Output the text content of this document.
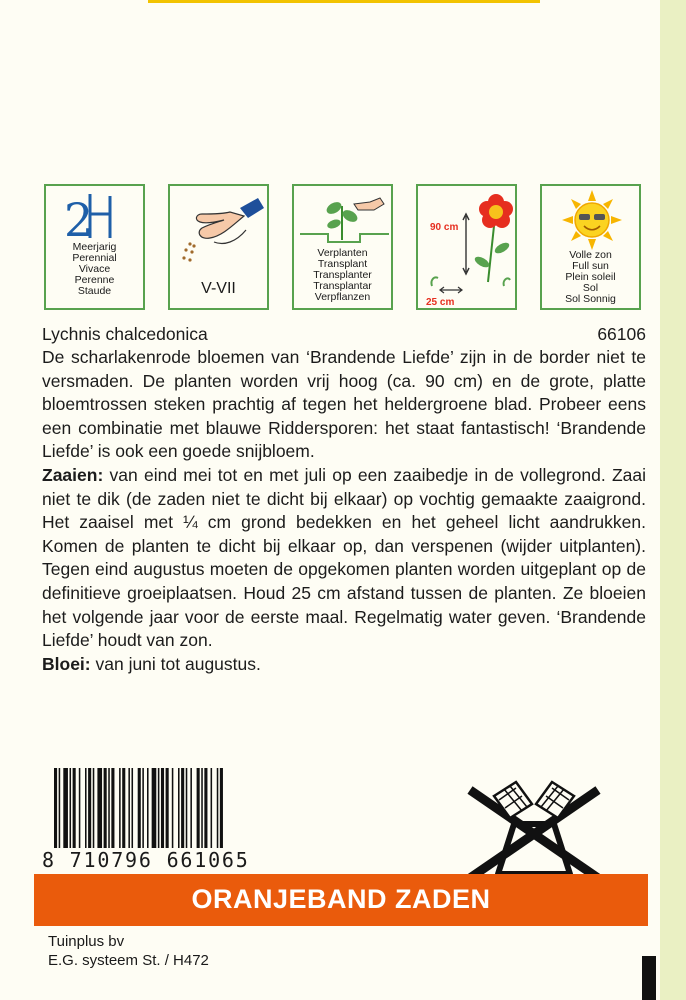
2
Meerjarig
Perennial
Vivace
Perenne
Staude	V-VII
Verplanten
Transplant
Transplanter
Transplantar
Verpflanzen
90 cm
25 cm
Volle zon
Full sun
Plein soleil
Sol
Sol Sonnig
Lychnis chalcedonica	66106

De scharlakenrode bloemen van ‘Brandende Liefde’ zijn in de border niet te versmaden. De planten worden vrij hoog (ca. 90 cm) en de grote, platte bloemtrossen steken prachtig af tegen het heldergroene blad. Probeer eens een combinatie met blauwe Riddersporen: het staat fantastisch! ‘Brandende Liefde’ is ook een goede snijbloem.

Zaaien: van eind mei tot en met juli op een zaaibedje in de vollegrond. Zaai niet te dik (de zaden niet te dicht bij elkaar) op vochtig gemaakte zaaigrond. Het zaaisel met ¼ cm grond bedekken en het geheel licht aandrukken. Komen de planten te dicht bij elkaar op, dan verspenen (wijder uitplanten). Tegen eind augustus moeten de opgekomen planten worden uitgeplant op de definitieve groeiplaatsen. Houd 25 cm afstand tussen de planten. Ze bloeien het volgende jaar voor de eerste maal. Regelmatig water geven. ‘Brandende Liefde’ houdt van zon.

Bloei: van juni tot augustus.

8 710796 661065
ORANJEBAND ZADEN
Tuinplus bv
E.G. systeem St. / H472
